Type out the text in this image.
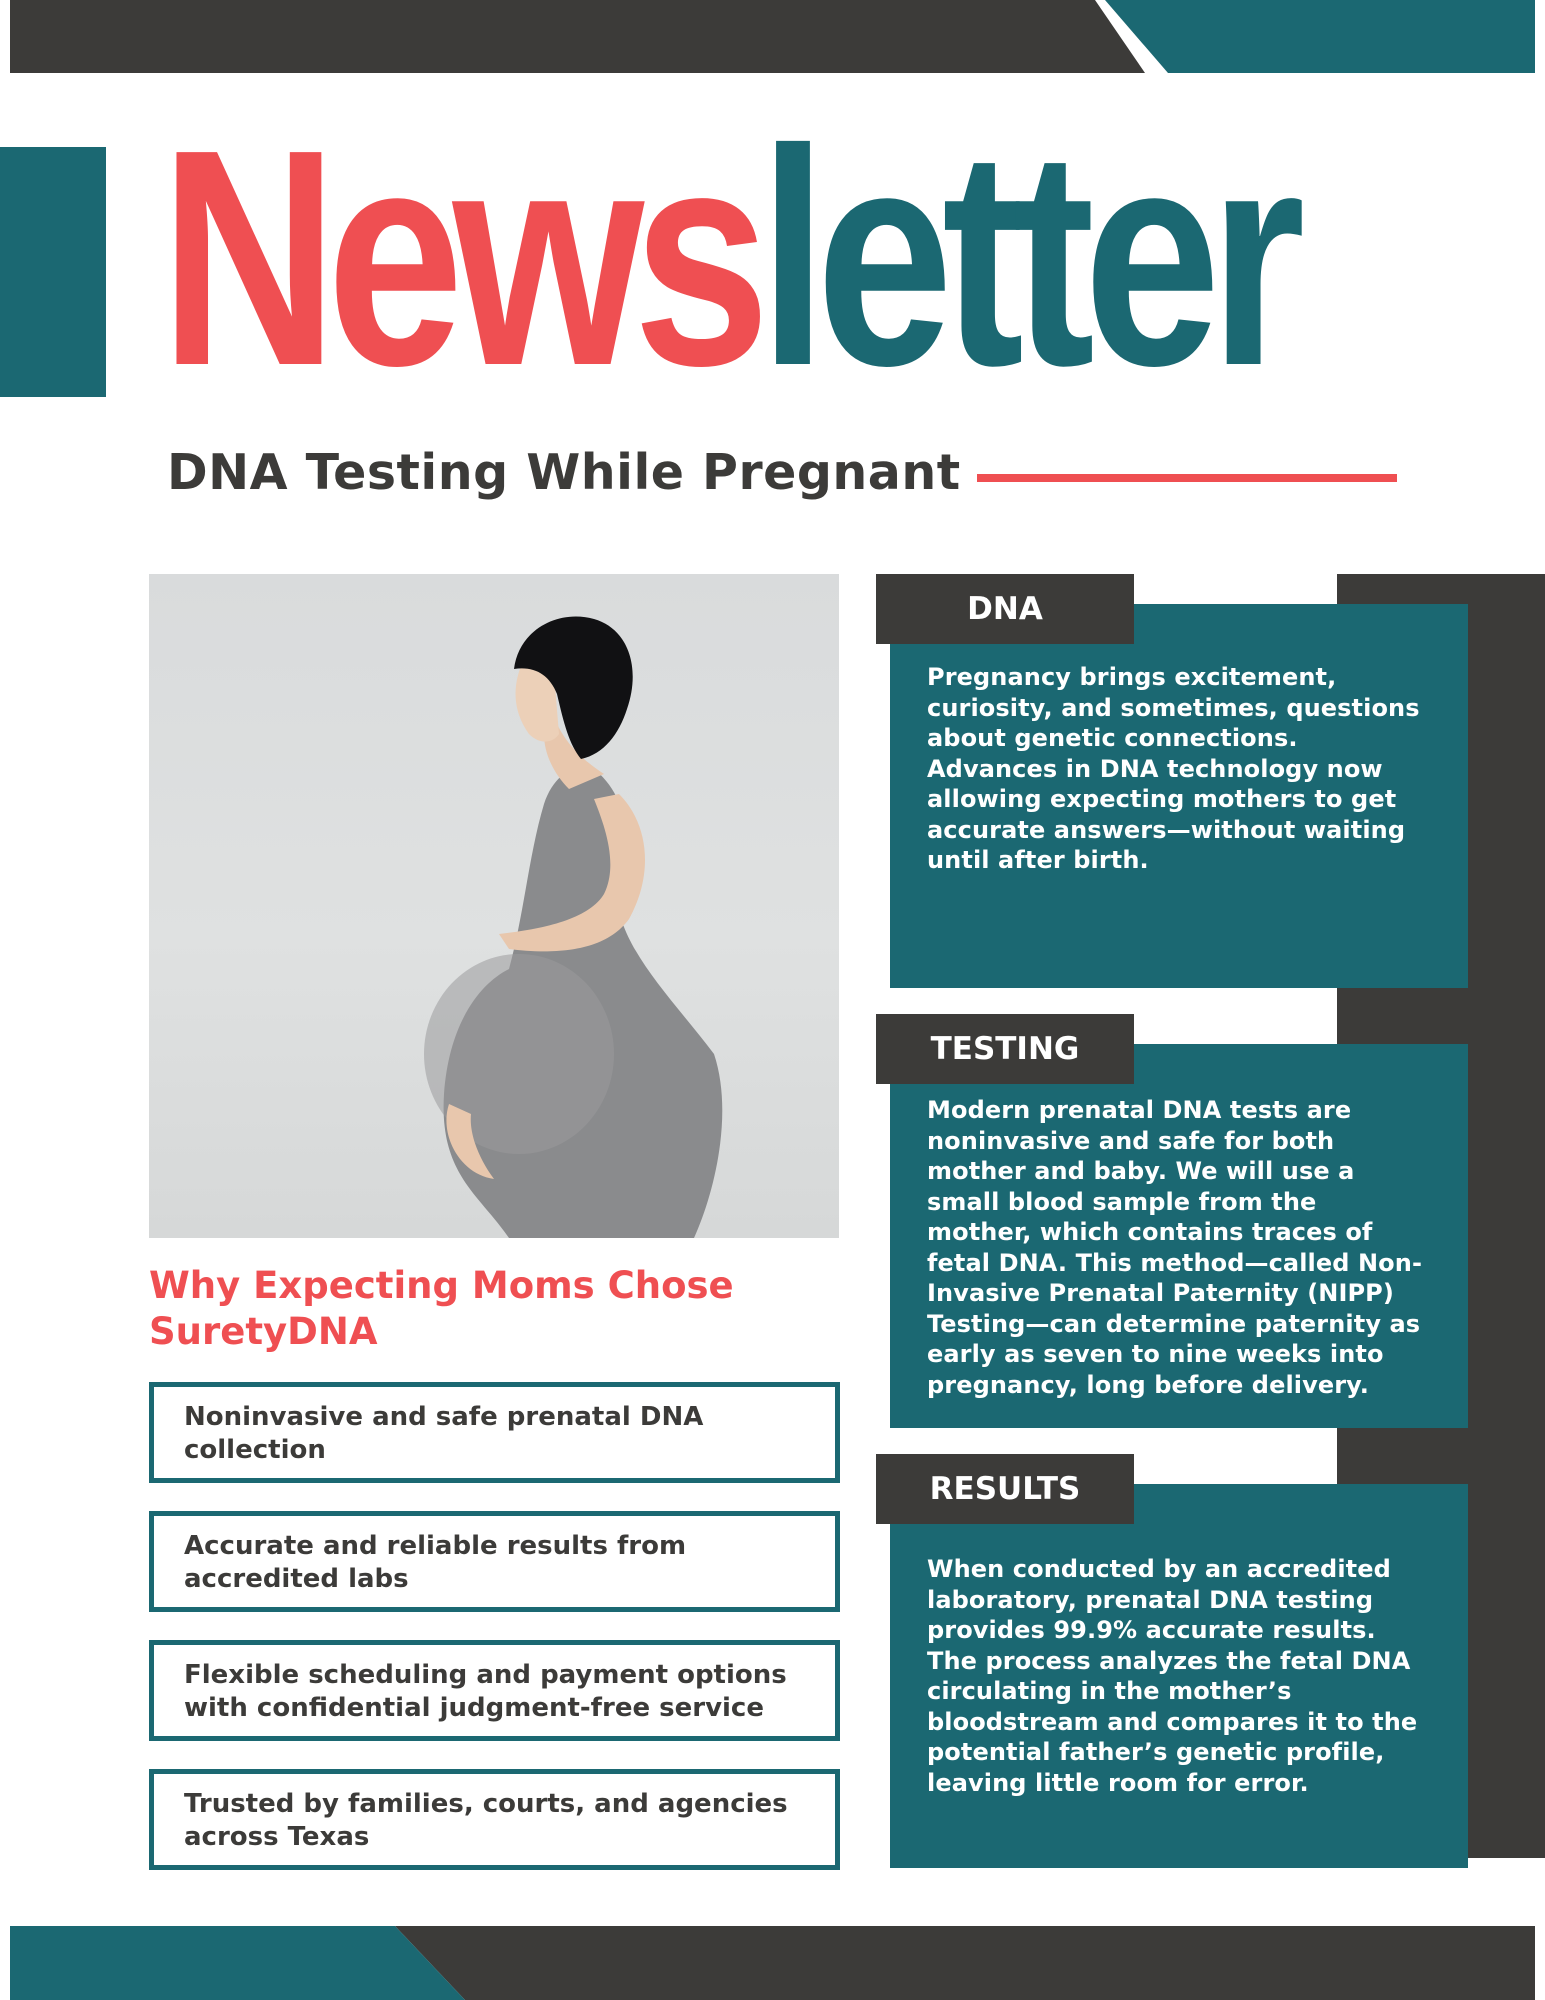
Newsletter
DNA Testing While Pregnant
Why Expecting Moms Chose SuretyDNA
Noninvasive and safe prenatal DNA collection
Accurate and reliable results from accredited labs
Flexible scheduling and payment options with confidential judgment-free service
Trusted by families, courts, and agencies across Texas
DNA

Pregnancy brings excitement, curiosity, and sometimes, questions about genetic connections. Advances in DNA technology now allowing expecting mothers to get accurate answers—without waiting until after birth.

TESTING

Modern prenatal DNA tests are noninvasive and safe for both mother and baby. We will use a small blood sample from the mother, which contains traces of fetal DNA. This method—called Non-Invasive Prenatal Paternity (NIPP) Testing—can determine paternity as early as seven to nine weeks into pregnancy, long before delivery.

RESULTS

When conducted by an accredited laboratory, prenatal DNA testing provides 99.9% accurate results. The process analyzes the fetal DNA circulating in the mother’s bloodstream and compares it to the potential father’s genetic profile, leaving little room for error.
